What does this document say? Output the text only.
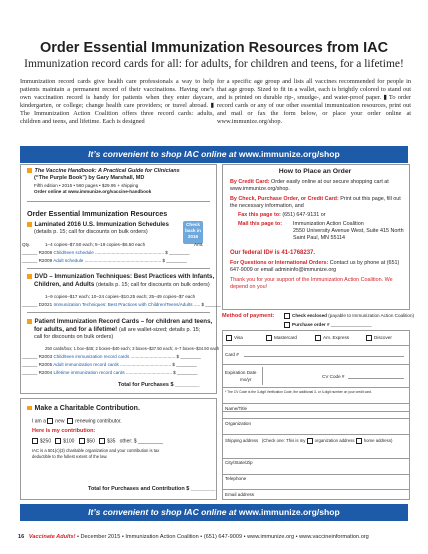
Order Essential Immunization Resources from IAC
Immunization record cards for all: for adults, for children and teens, for a lifetime!
Immunization record cards give health care professionals a way to help patients maintain a permanent record of their vaccinations. Having one’s own vaccination record is handy for patients when they enter daycare, kindergarten, or college; change health care providers; or travel abroad. ▮ The Immunization Action Coalition offers three record cards: adults, children and teens, and lifetime. Each is designed
for a specific age group and lists all vaccines recommended for people in that age group. Sized to fit in a wallet, each is brightly colored to stand out and is printed on durable rip-, smudge-, and water-proof paper. ▮ To order record cards or any of our other essential immunization resources, print out and mail or fax the form below, or place your order online at www.immunize.org/shop.
It’s convenient to shop IAC online at www.immunize.org/shop
The Vaccine Handbook: A Practical Guide for Clinicians
(“The Purple Book”) by Gary Marshall, MD
Fifth edition • 2015 • 560 pages • $29.95 + shipping
Order online at www.immunize.org/vaccine-handbook
Order Essential Immunization Resources
Laminated 2016 U.S. Immunization Schedules
(details p. 15; call for discounts on bulk orders)
Check back in 2016
Qty.	1–4 copies–$7.50 each; 5–19 copies–$6.50 each	Amt.
______ R2008 Child/teen schedule ...................................................... $ ________
______ R2009 Adult schedule ............................................................ $ ________
DVD – Immunization Techniques: Best Practices with Infants,
Children, and Adults (details p. 15; call for discounts on bulk orders)
1–9 copies–$17 each; 10–24 copies–$10.25 each; 25–49 copies–$7 each
______ D2021 Immunization Techniques: Best Practices with Children/Teens/Adults ..... $ ______
Patient Immunization Record Cards – for children and teens,
for adults, and for a lifetime! (all are wallet-sized; details p. 15;
call for discounts on bulk orders)
250 cards/box; 1 box–$45; 2 boxes–$40 each; 3 boxes–$37.50 each; 4–7 boxes–$34.50 each
______ R2003 Child/teen immunization record cards ................................... $ ________
______ R2005 Adult immunization record cards ........................................ $ ________
______ R2004 Lifetime immunization record cards .................................... $ ________
Total for Purchases $ ________
How to Place an Order
By Credit Card: Order easily online at our secure shopping cart at www.immunize.org/shop.
By Check, Purchase Order, or Credit Card: Print out this page, fill out the necessary information, and
Fax this page to: (651) 647-9131 or
Mail this page to: Immunization Action Coalition
2550 University Avenue West, Suite 415 North
Saint Paul, MN 55114
Our federal ID# is 41-1768237.
For Questions or International Orders: Contact us by phone at (651) 647-9009 or email admininfo@immunize.org
Thank you for your support of the Immunization Action Coalition. We depend on you!
Method of payment:	Check enclosed (payable to Immunization Action Coalition)
Purchase order # ________________
Visa	Mastercard	Am. Express	Discover
Card #
Expiration Date
mo/yr
CV Code #
* The CV Code is the 3-digit Verification Code, the additional 3- or 4-digit number on your credit card.
Make a Charitable Contribution.
I am a new renewing contributor.
Here is my contribution:
$250 $100 $50 $35 other: $ _________
IAC is a 501(c)(3) charitable organization and your contribution is tax deductible to the fullest extent of the law.
Total for Purchases and Contribution $ ________
Name/Title
Organization
Shipping address (Check one: This is my organization address home address)
City/State/Zip
Telephone
Email address
It’s convenient to shop IAC online at www.immunize.org/shop
16 Vaccinate Adults! • December 2015 • Immunization Action Coalition • (651) 647-9009 • www.immunize.org • www.vaccineinformation.org
